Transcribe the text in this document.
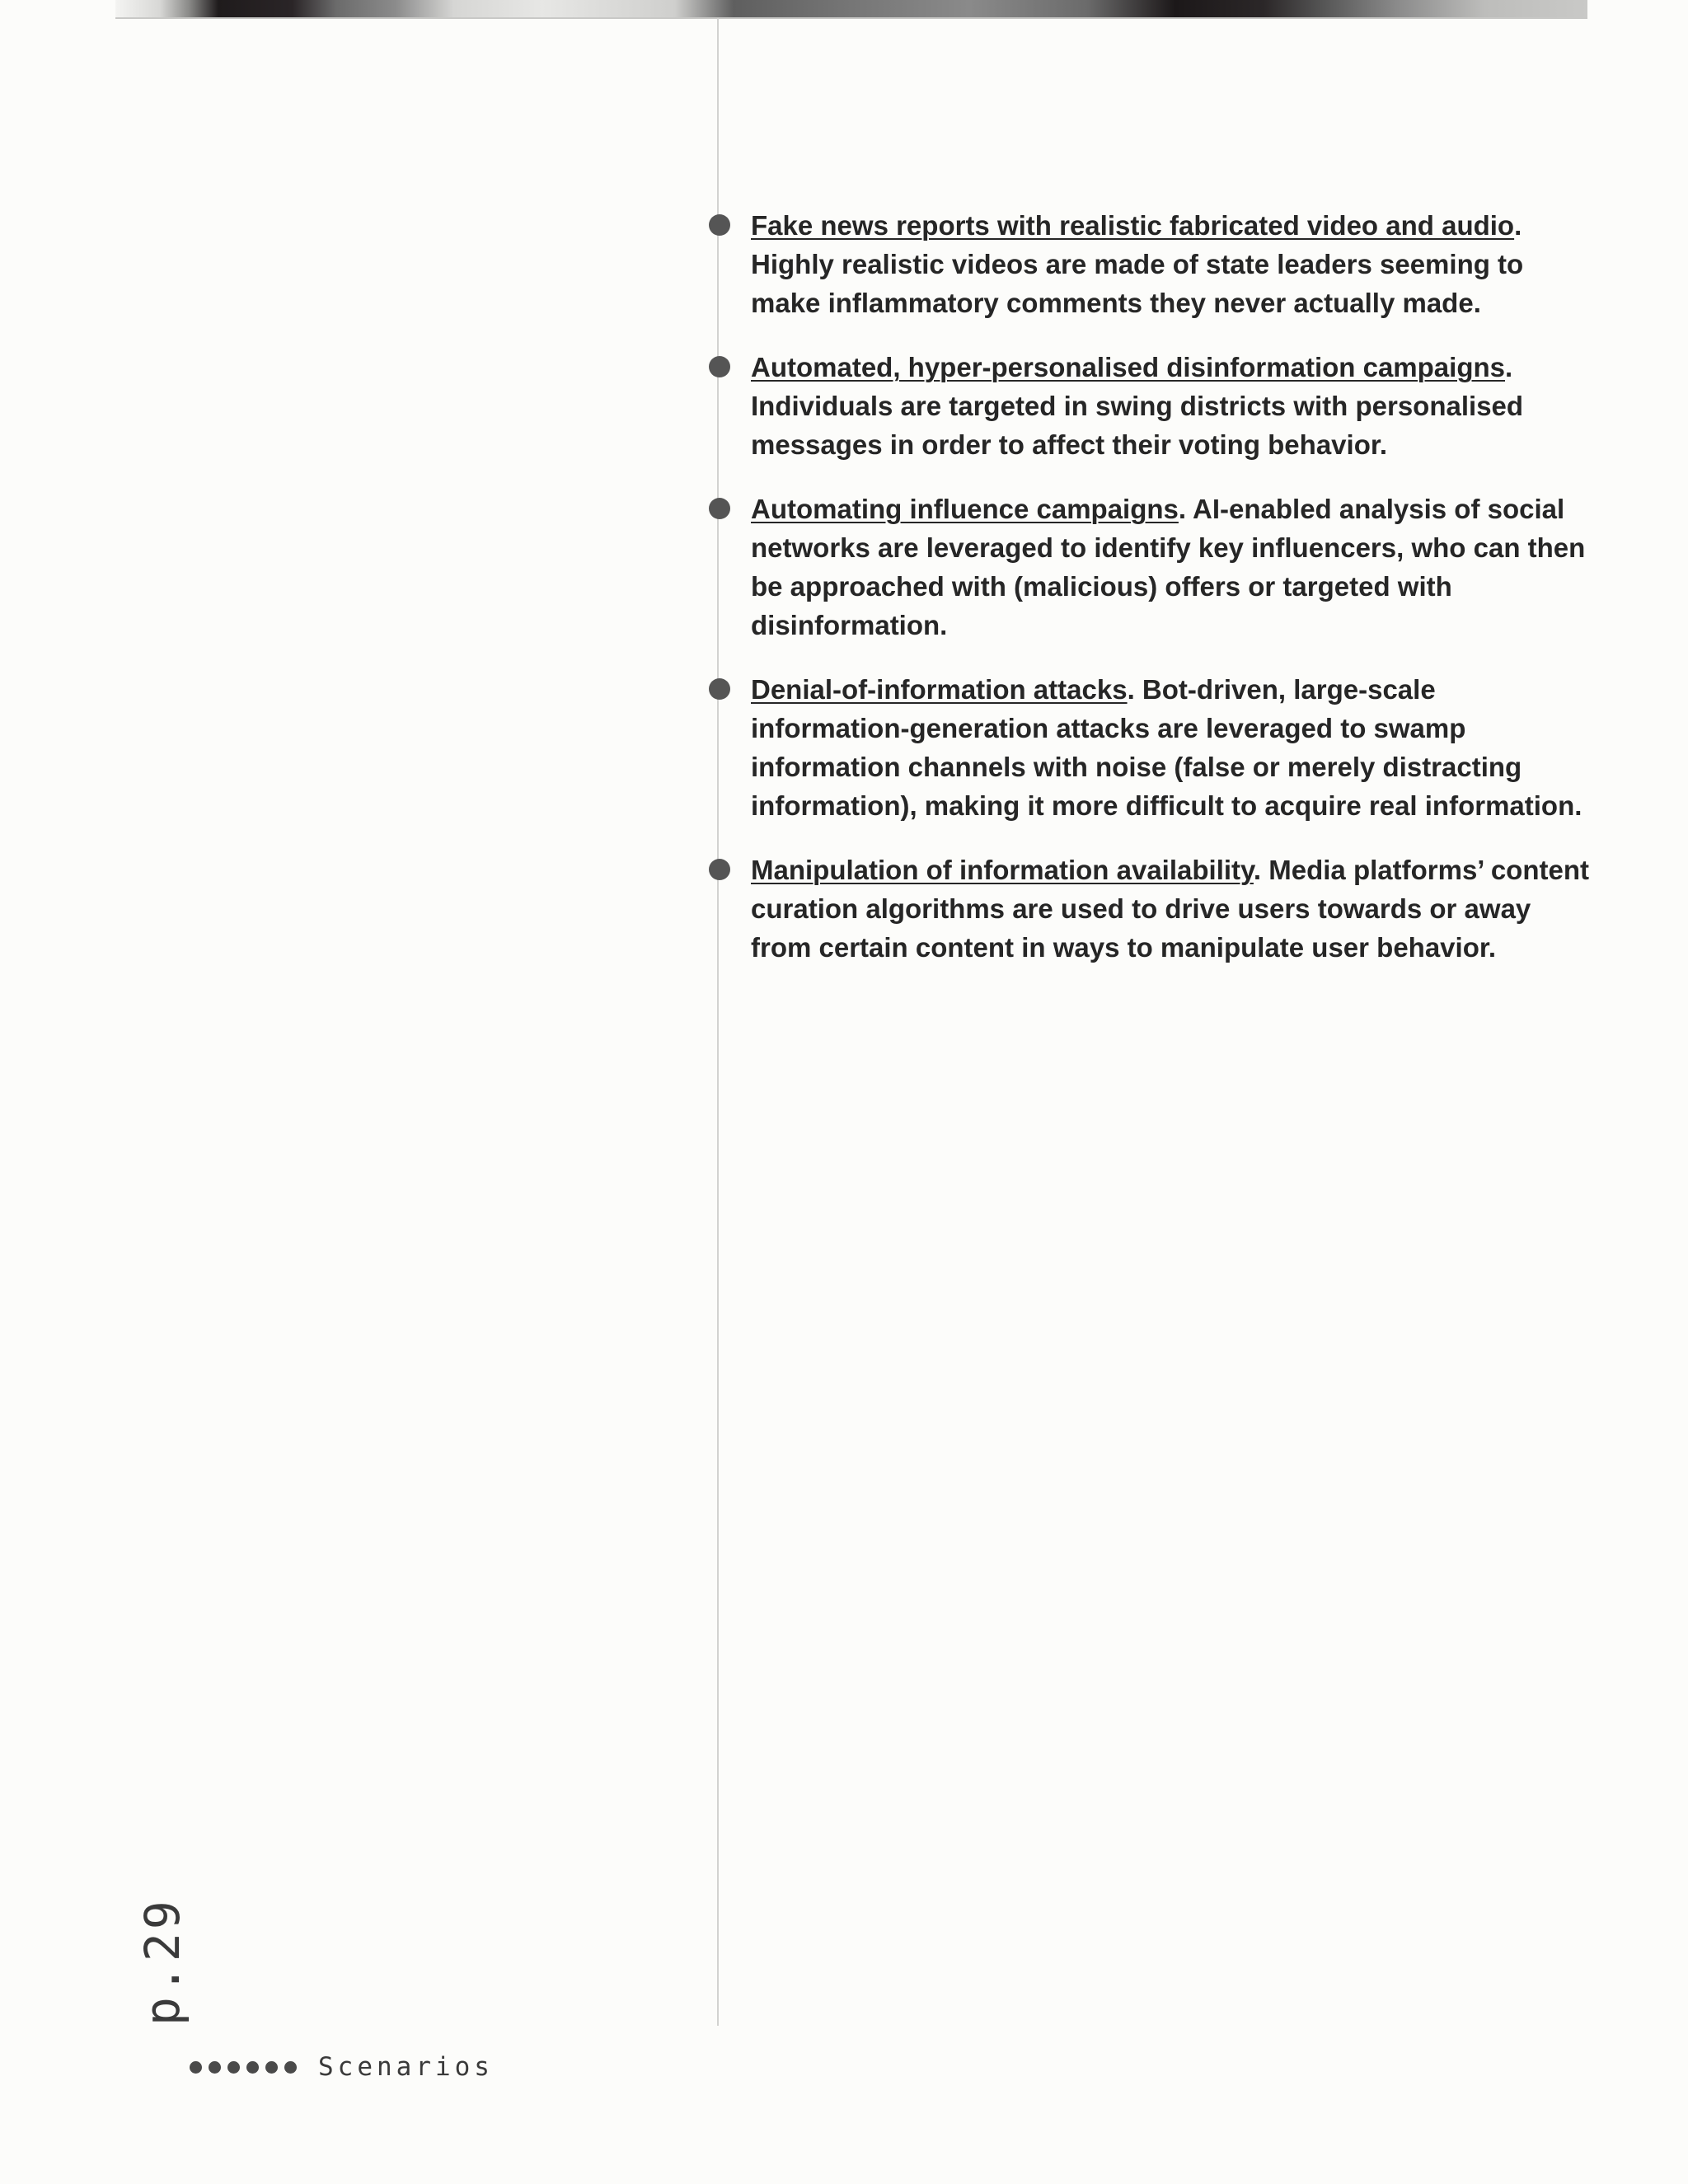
Fake news reports with realistic fabricated video and audio. Highly realistic videos are made of state leaders seeming to make inflammatory comments they never actually made.
Automated, hyper-personalised disinformation campaigns. Individuals are targeted in swing districts with personalised messages in order to affect their voting behavior.
Automating influence campaigns. AI-enabled analysis of social networks are leveraged to identify key influencers, who can then be approached with (malicious) offers or targeted with disinformation.
Denial-of-information attacks. Bot-driven, large-scale information-generation attacks are leveraged to swamp information channels with noise (false or merely distracting information), making it more difficult to acquire real information.
Manipulation of information availability. Media platforms’ content curation algorithms are used to drive users towards or away from certain content in ways to manipulate user behavior.
p.29
Scenarios
